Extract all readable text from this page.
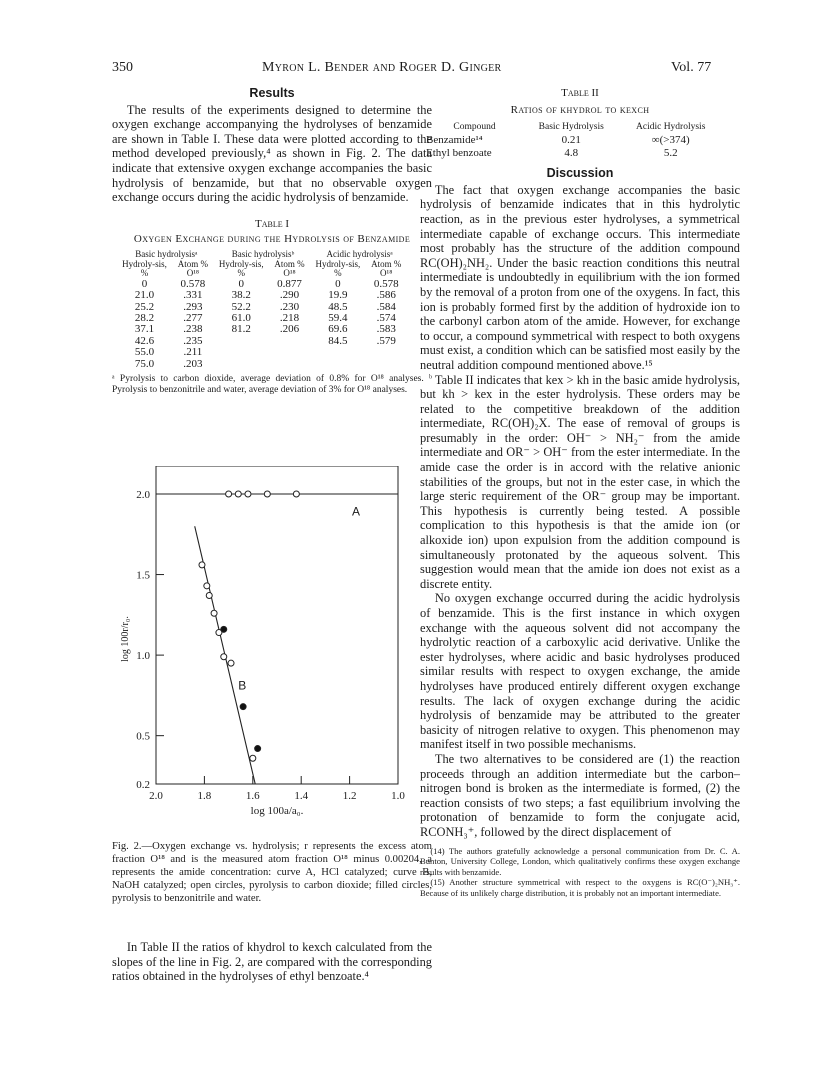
350	Myron L. Bender and Roger D. Ginger	Vol. 77
Results

The results of the experiments designed to determine the oxygen exchange accompanying the hydrolyses of benzamide are shown in Table I. These data were plotted according to the method developed previously,⁴ as shown in Fig. 2. The data indicate that extensive oxygen exchange accompanies the basic hydrolysis of benzamide, but that no observable oxygen exchange occurs during the acidic hydrolysis of benzamide.

Table I
Oxygen Exchange during the Hydrolysis of Benzamide
Basic hydrolysisᵃ		Basic hydrolysisᵇ		Acidic hydrolysisᵃ	
Hydroly-sis, %	Atom % O¹⁸	Hydroly-sis, %	Atom % O¹⁸	Hydroly-sis, %	Atom % O¹⁸
0	0.578	0	0.877	0	0.578
21.0	.331	38.2	.290	19.9	.586
25.2	.293	52.2	.230	48.5	.584
28.2	.277	61.0	.218	59.4	.574
37.1	.238	81.2	.206	69.6	.583
42.6	.235			84.5	.579
55.0	.211				
75.0	.203				
ᵃ Pyrolysis to carbon dioxide, average deviation of 0.8% for O¹⁸ analyses. ᵇ Pyrolysis to benzonitrile and water, average deviation of 3% for O¹⁸ analyses.
2.0	1.8	1.6	1.4	1.2	1.0
2.0
1.5
1.0
0.5
0.2
log 100a/a₀.
log 100r/r₀.
A
B
Fig. 2.—Oxygen exchange vs. hydrolysis; r represents the excess atom fraction O¹⁸ and is the measured atom fraction O¹⁸ minus 0.00204, a represents the amide concentration: curve A, HCl catalyzed; curve B, NaOH catalyzed; open circles, pyrolysis to carbon dioxide; filled circles, pyrolysis to benzonitrile and water.

In Table II the ratios of khydrol to kexch calculated from the slopes of the line in Fig. 2, are compared with the corresponding ratios obtained in the hydrolyses of ethyl benzoate.⁴

Table II
Ratios of khydrol to kexch
Compound	Basic Hydrolysis	Acidic Hydrolysis
Benzamide¹⁴	0.21	∞(>374)
Ethyl benzoate	4.8	5.2
Discussion

The fact that oxygen exchange accompanies the basic hydrolysis of benzamide indicates that in this hydrolytic reaction, as in the previous ester hydrolyses, a symmetrical intermediate capable of exchange occurs. This intermediate most probably has the structure of the addition compound RC(OH)₂NH₂. Under the basic reaction conditions this neutral intermediate is undoubtedly in equilibrium with the ion formed by the removal of a proton from one of the oxygens. In fact, this ion is probably formed first by the addition of hydroxide ion to the carbonyl carbon atom of the amide. However, for exchange to occur, a compound symmetrical with respect to both oxygens must exist, a condition which can be satisfied most easily by the neutral addition compound mentioned above.¹⁵

Table II indicates that kex > kh in the basic amide hydrolysis, but kh > kex in the ester hydrolysis. These orders may be related to the competitive breakdown of the addition intermediate, RC(OH)₂X. The ease of removal of groups is presumably in the order: OH⁻ > NH₂⁻ from the amide intermediate and OR⁻ > OH⁻ from the ester intermediate. In the amide case the order is in accord with the relative anionic stabilities of the groups, but not in the ester case, in which the large steric requirement of the OR⁻ group may be important. This hypothesis is currently being tested. A possible complication to this hypothesis is that the amide ion (or alkoxide ion) upon expulsion from the addition compound is simultaneously protonated by the aqueous solvent. This suggestion would mean that the amide ion does not exist as a discrete entity.

No oxygen exchange occurred during the acidic hydrolysis of benzamide. This is the first instance in which oxygen exchange with the aqueous solvent did not accompany the hydrolytic reaction of a carboxylic acid derivative. Unlike the ester hydrolyses, where acidic and basic hydrolyses produced similar results with respect to oxygen exchange, the amide hydrolyses have produced entirely different oxygen exchange results. The lack of oxygen exchange during the acidic hydrolysis of benzamide may be attributed to the greater basicity of nitrogen relative to oxygen. This phenomenon may manifest itself in two possible mechanisms.

The two alternatives to be considered are (1) the reaction proceeds through an addition intermediate but the carbon–nitrogen bond is broken as the intermediate is formed, (2) the reaction consists of two steps; a fast equilibrium involving the protonation of benzamide to form the conjugate acid, RCONH₃⁺, followed by the direct displacement of

(14) The authors gratefully acknowledge a personal communication from Dr. C. A. Bunton, University College, London, which qualitatively confirms these oxygen exchange results with benzamide.
(15) Another structure symmetrical with respect to the oxygens is RC(O⁻)₂NH₃⁺. Because of its unlikely charge distribution, it is probably not an important intermediate.
